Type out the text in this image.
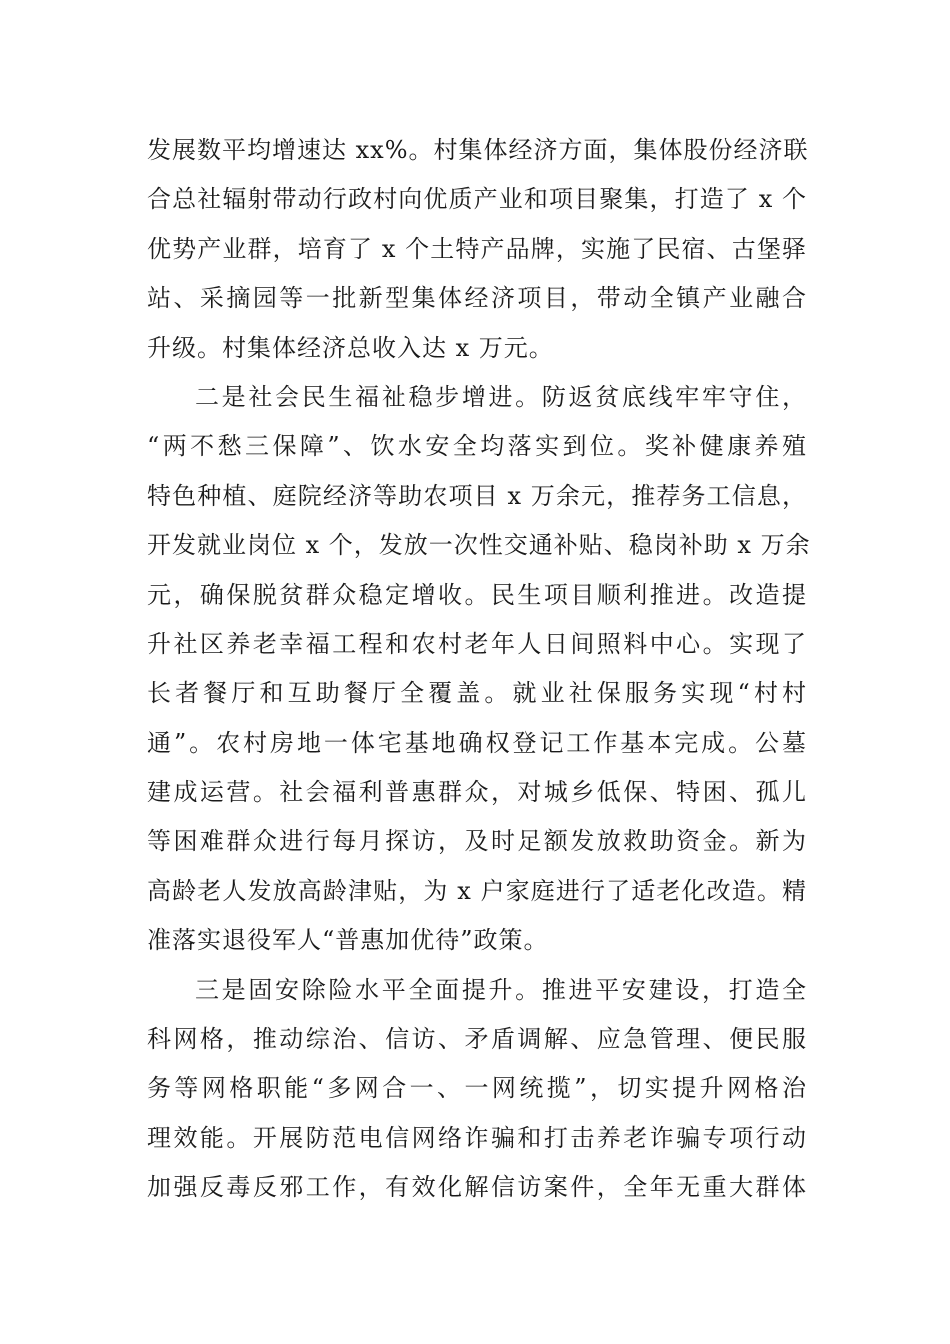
发展数平均增速达 xx%。村集体经济方面，集体股份经济联
合总社辐射带动行政村向优质产业和项目聚集，打造了 x 个
优势产业群，培育了 x 个土特产品牌，实施了民宿、古堡驿
站、采摘园等一批新型集体经济项目，带动全镇产业融合
升级。村集体经济总收入达 x 万元。
二是社会民生福祉稳步增进。防返贫底线牢牢守住，
“两不愁三保障”、饮水安全均落实到位。奖补健康养殖
特色种植、庭院经济等助农项目 x 万余元，推荐务工信息，
开发就业岗位 x 个，发放一次性交通补贴、稳岗补助 x 万余
元，确保脱贫群众稳定增收。民生项目顺利推进。改造提
升社区养老幸福工程和农村老年人日间照料中心。实现了
长者餐厅和互助餐厅全覆盖。就业社保服务实现“村村
通”。农村房地一体宅基地确权登记工作基本完成。公墓
建成运营。社会福利普惠群众，对城乡低保、特困、孤儿
等困难群众进行每月探访，及时足额发放救助资金。新为
高龄老人发放高龄津贴，为 x 户家庭进行了适老化改造。精
准落实退役军人“普惠加优待”政策。
三是固安除险水平全面提升。推进平安建设，打造全
科网格，推动综治、信访、矛盾调解、应急管理、便民服
务等网格职能“多网合一、一网统揽”，切实提升网格治
理效能。开展防范电信网络诈骗和打击养老诈骗专项行动
加强反毒反邪工作，有效化解信访案件，全年无重大群体
